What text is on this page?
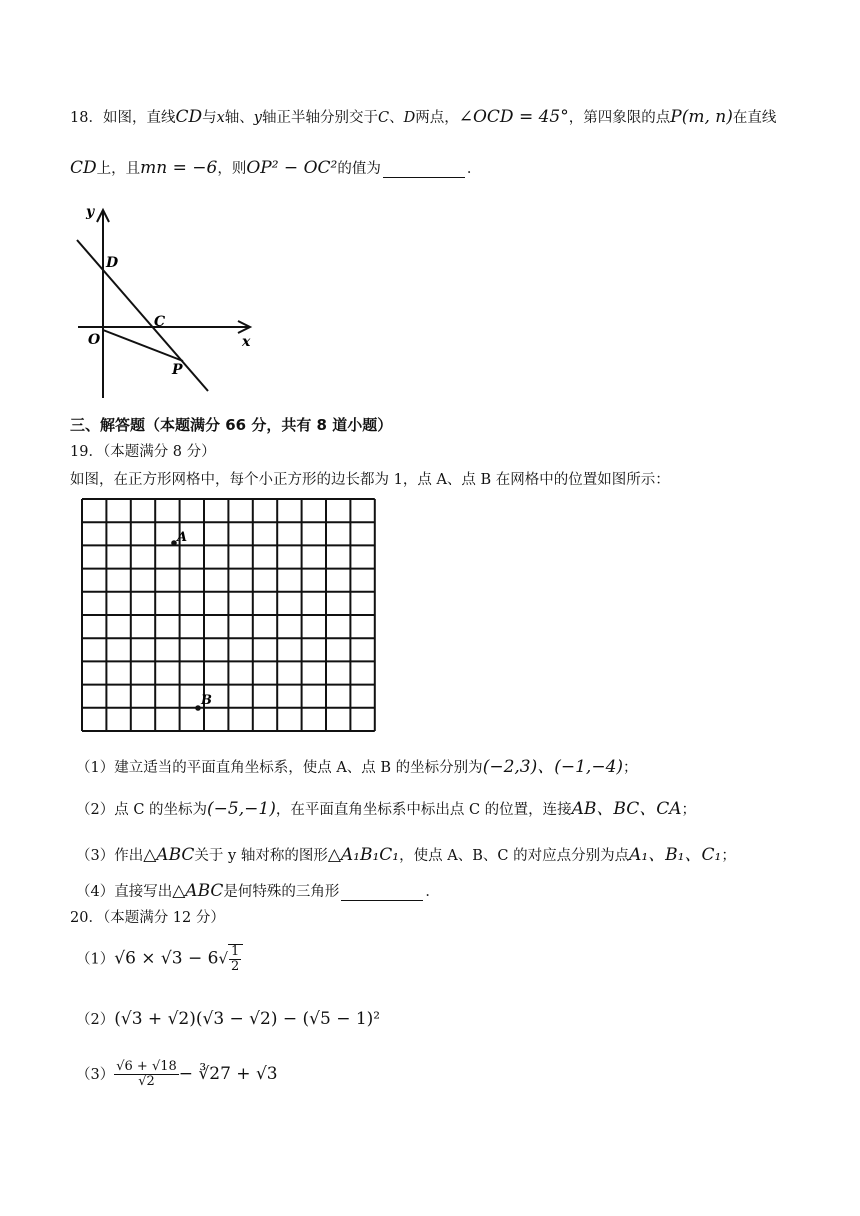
18．如图，直线CD与x轴、y轴正半轴分别交于C、D两点，∠OCD = 45°，第四象限的点P(m, n)在直线
CD上，且mn = −6，则OP² − OC²的值为	．
y
x
O
D
C
P
三、解答题（本题满分 66 分，共有 8 道小题）
19．（本题满分 8 分）
如图，在正方形网格中，每个小正方形的边长都为 1，点 A、点 B 在网格中的位置如图所示：
A
B
（1）建立适当的平面直角坐标系，使点 A、点 B 的坐标分别为(−2,3)、(−1,−4)；
（2）点 C 的坐标为(−5,−1)，在平面直角坐标系中标出点 C 的位置，连接AB、BC、CA；
（3）作出△ABC关于 y 轴对称的图形△A₁B₁C₁，使点 A、B、C 的对应点分别为点A₁、B₁、C₁；
（4）直接写出△ABC是何特殊的三角形	．
20．（本题满分 12 分）
$(1)√6 \times √3 - 6√ \frac{1}{2}$
（2）(√3 + √2)(√3 − √2) − (√5 − 1)²
$(3) \frac{√6 + √18}{√2}$ − ∛27 + √3
